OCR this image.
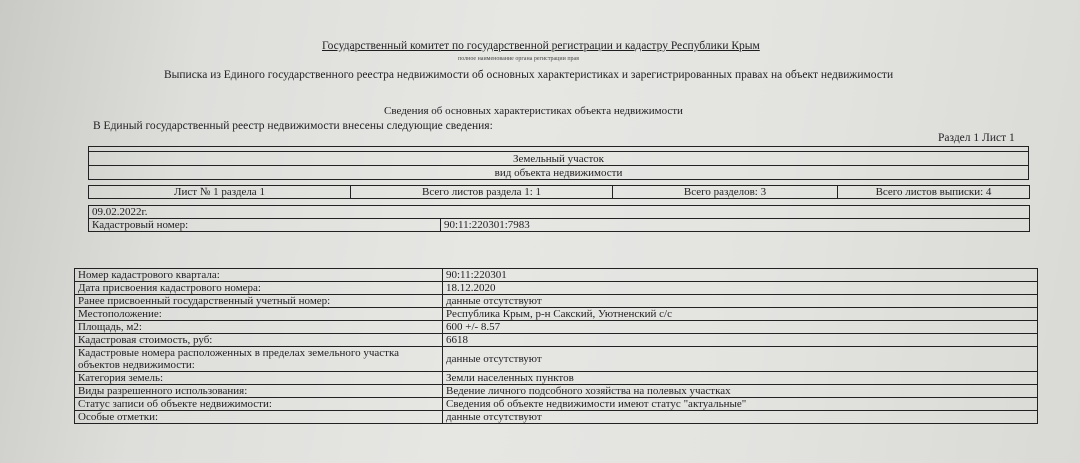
Государственный комитет по государственной регистрации и кадастру Республики Крым
полное наименование органа регистрации прав
Выписка из Единого государственного реестра недвижимости об основных характеристиках и зарегистрированных правах на объект недвижимости
Сведения об основных характеристиках объекта недвижимости
В Единый государственный реестр недвижимости внесены следующие сведения:
Раздел 1 Лист 1

Земельный участок
вид объекта недвижимости
Лист № 1 раздела 1	Всего листов раздела 1: 1	Всего разделов: 3	Всего листов выписки: 4
09.02.2022г.	
Кадастровый номер:	90:11:220301:7983
Номер кадастрового квартала:	90:11:220301
Дата присвоения кадастрового номера:	18.12.2020
Ранее присвоенный государственный учетный номер:	данные отсутствуют
Местоположение:	Республика Крым, р-н Сакский, Уютненский с/с
Площадь, м2:	600 +/- 8.57
Кадастровая стоимость, руб:	6618
Кадастровые номера расположенных в пределах земельного участка объектов недвижимости:	данные отсутствуют
Категория земель:	Земли населенных пунктов
Виды разрешенного использования:	Ведение личного подсобного хозяйства на полевых участках
Статус записи об объекте недвижимости:	Сведения об объекте недвижимости имеют статус "актуальные"
Особые отметки:	данные отсутствуют
